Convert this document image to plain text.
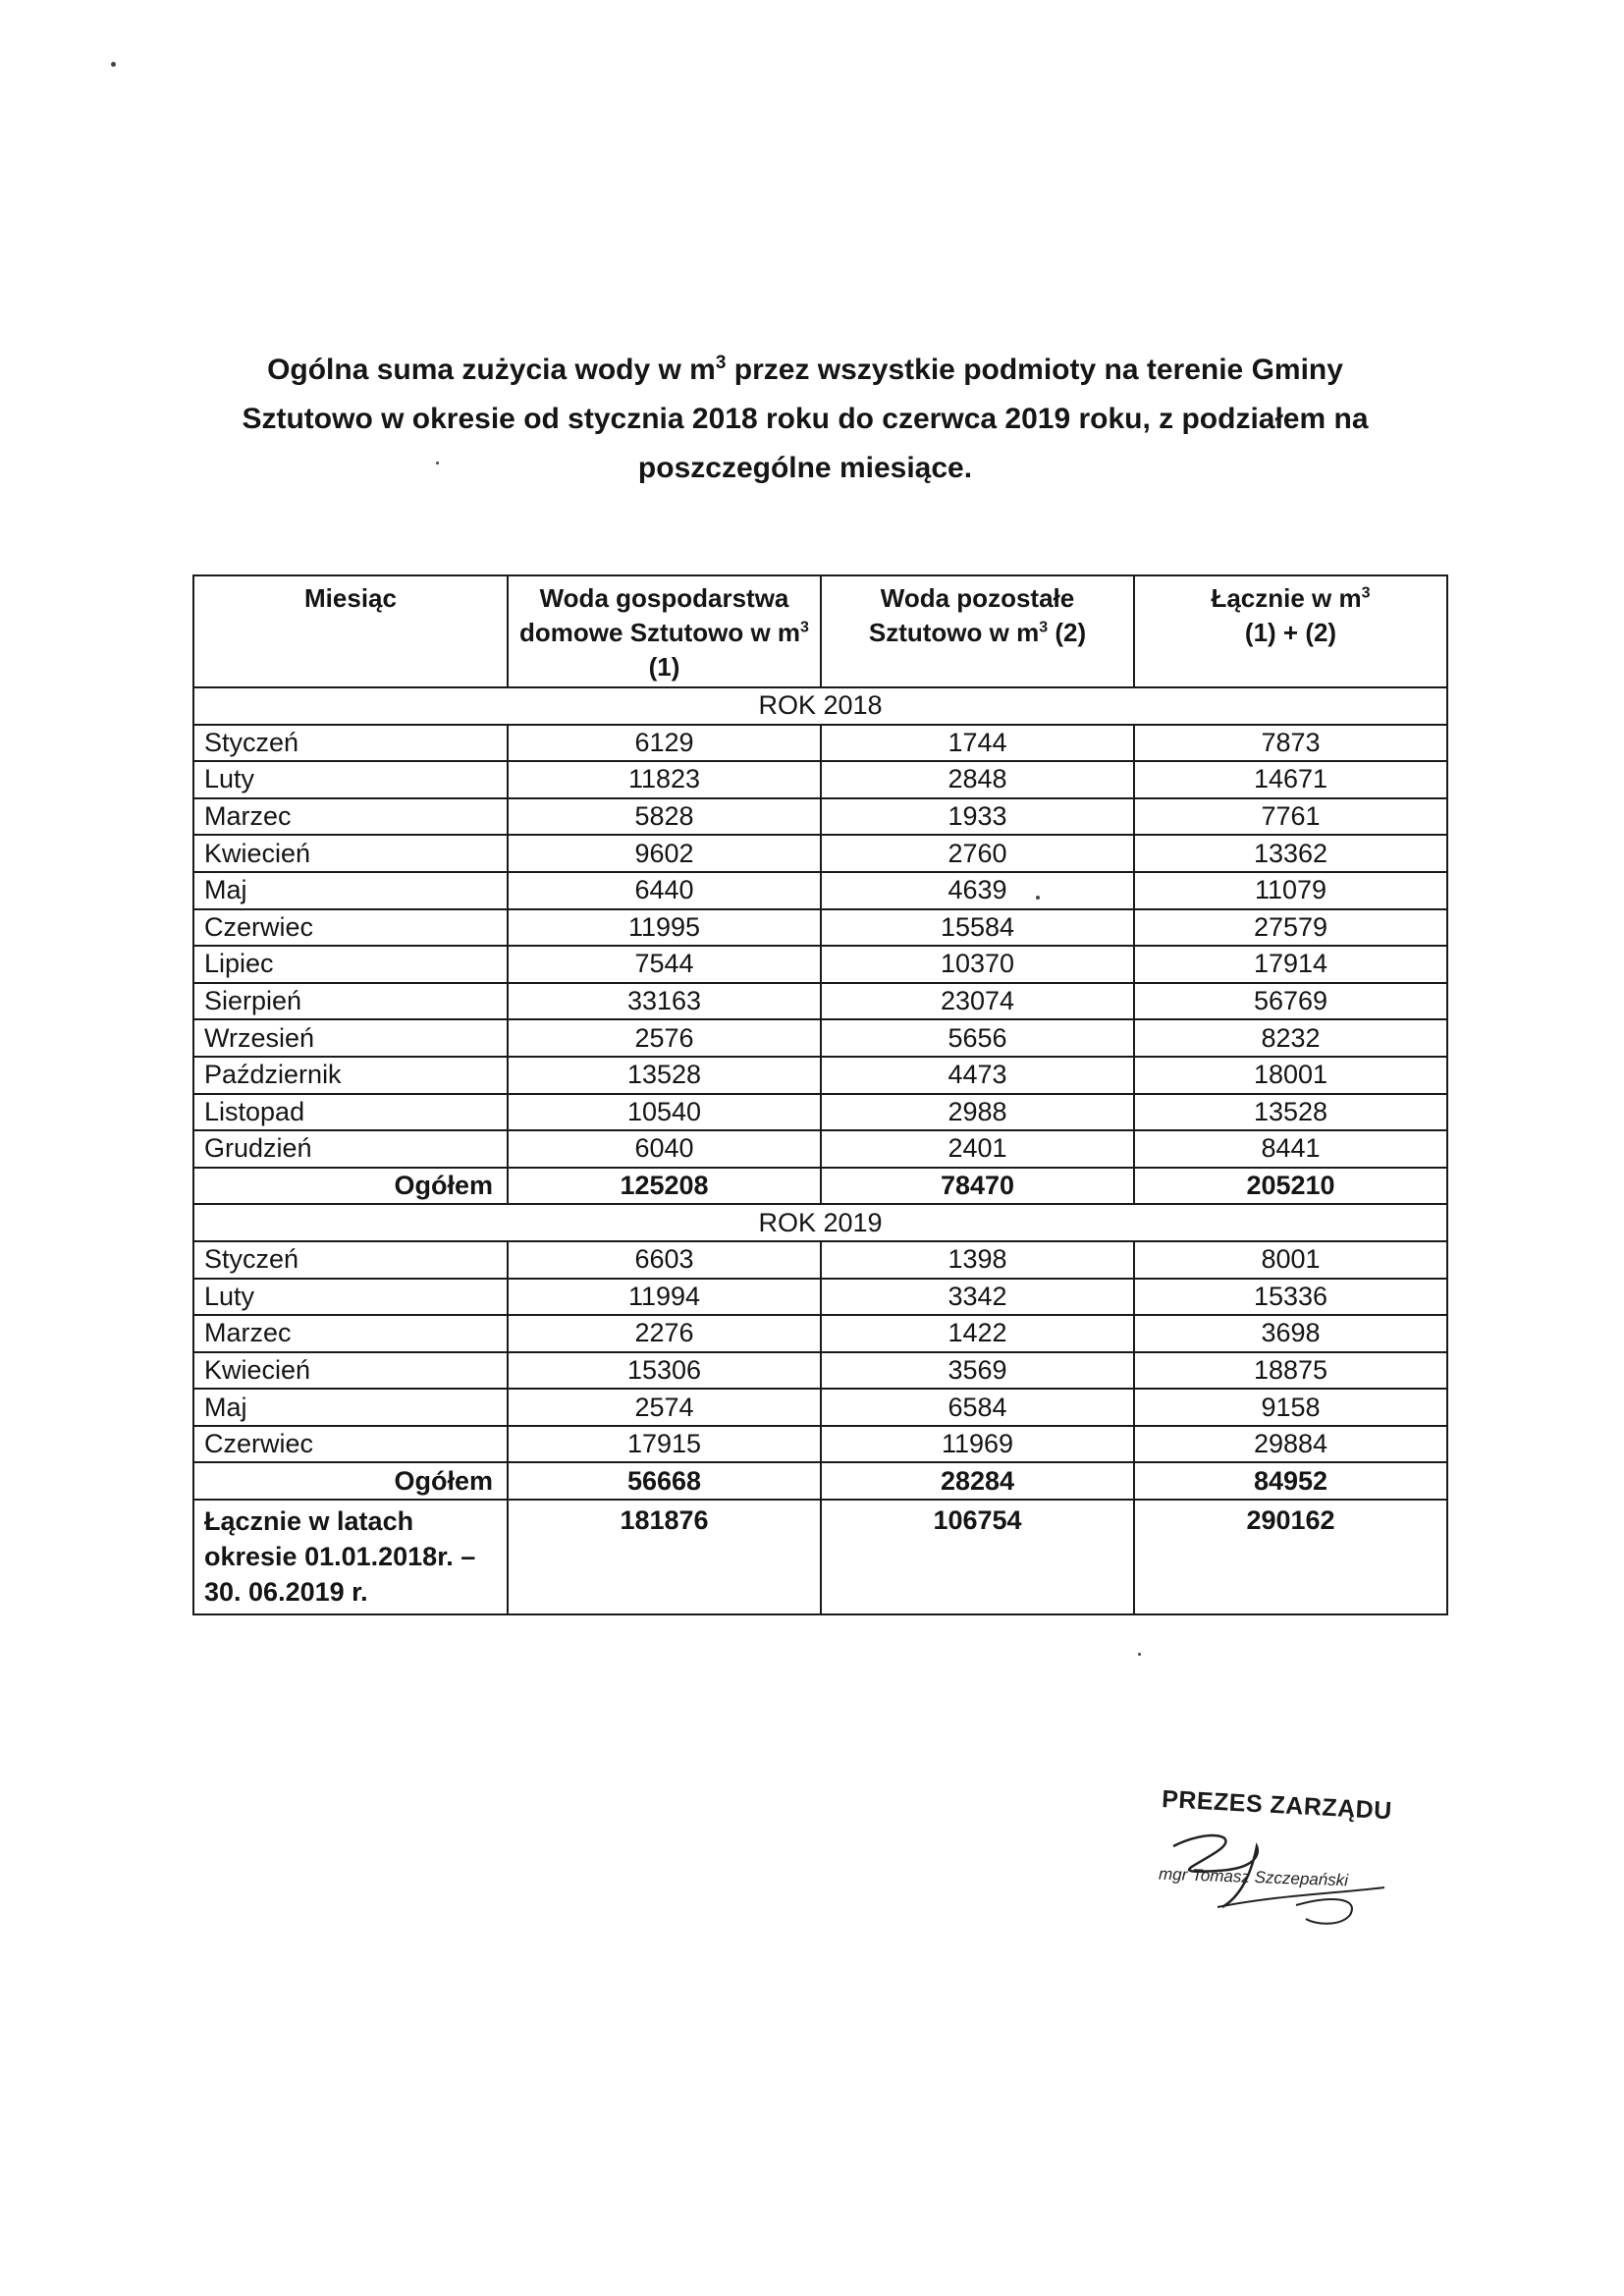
Ogólna suma zużycia wody w $m^3$ przez wszystkie podmioty na terenie Gminy
Sztutowo w okresie od stycznia 2018 roku do czerwca 2019 roku, z podziałem na
poszczególne miesiące.
Miesiąc	Woda gospodarstwa domowe Sztutowo w $m^3$ (1)	Woda pozostałe Sztutowo w $m^3$ (2)	Łącznie w $m^3$
(1) + (2)
ROK 2018			
Styczeń	6129	1744	7873
Luty	11823	2848	14671
Marzec	5828	1933	7761
Kwiecień	9602	2760	13362
Maj	6440	4639	11079
Czerwiec	11995	15584	27579
Lipiec	7544	10370	17914
Sierpień	33163	23074	56769
Wrzesień	2576	5656	8232
Październik	13528	4473	18001
Listopad	10540	2988	13528
Grudzień	6040	2401	8441
Ogółem	125208	78470	205210
ROK 2019			
Styczeń	6603	1398	8001
Luty	11994	3342	15336
Marzec	2276	1422	3698
Kwiecień	15306	3569	18875
Maj	2574	6584	9158
Czerwiec	17915	11969	29884
Ogółem	56668	28284	84952

Łącznie w latach
okresie 01.01.2018r. –
30. 06.2019 r.	181876	106754	290162
PREZES ZARZĄDU
mgr Tomasz Szczepański
